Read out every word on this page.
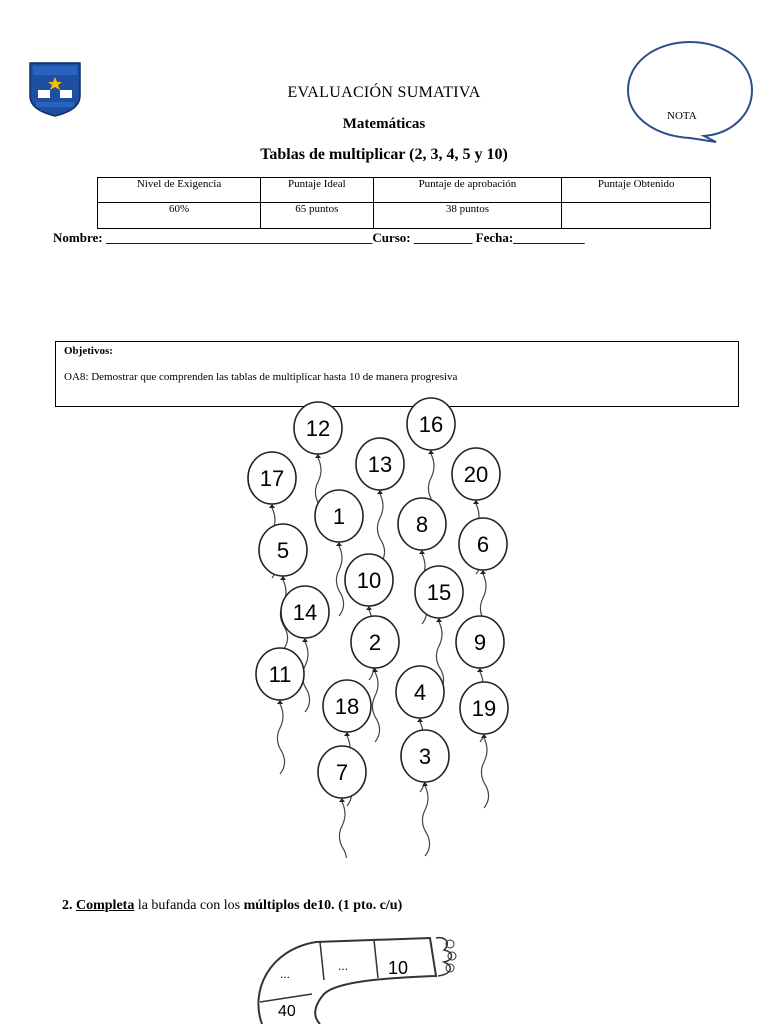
EVALUACIÓN SUMATIVA
Matemáticas
Tablas de multiplicar (2, 3, 4, 5 y 10)
NOTA
Nivel de Exigencia	Puntaje Ideal	Puntaje de aprobación	Puntaje Obtenido
60%	65 puntos	38 puntos	
Nombre: _________________________________________Curso: _________ Fecha:___________
Objetivos:
OA8: Demostrar que comprenden las tablas de multiplicar hasta 10 de manera progresiva
12	16
17
13	20
1	8
5	6
10 15
14
2	9
11
18
4
19
7
3
2. Completa la bufanda con los múltiplos de10. (1 pto. c/u)
...
...	10
40
